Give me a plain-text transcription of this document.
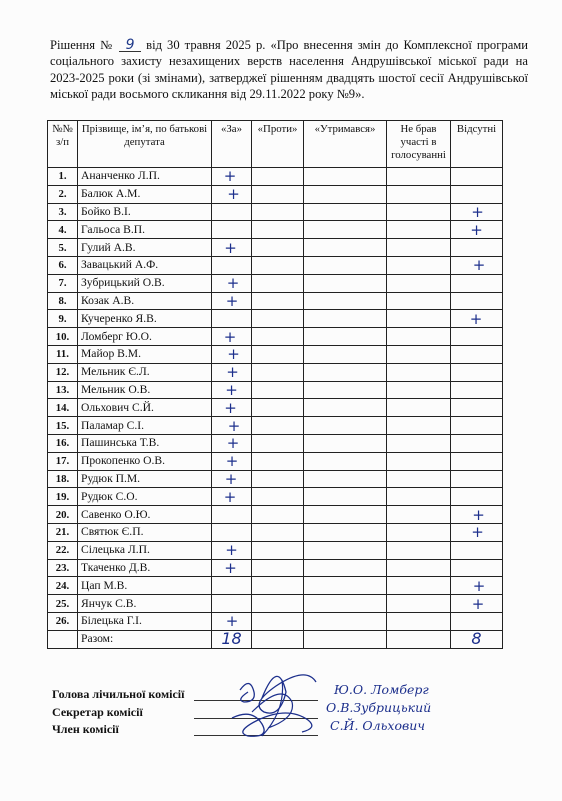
Рішення № 9 від 30 травня 2025 р. «Про внесення змін до Комплексної програми соціального захисту незахищених верств населення Андрушівської міської ради на 2023-2025 роки (зі змінами), затверджеї рішенням двадцять шостої сесії Андрушівської міської ради восьмого скликання від 29.11.2022 року №9».
№№ з/п	Прізвище, ім’я, по батькові депутата	«За»	«Проти»	«Утримався»	Не брав участі в голосуванні	Відсутні
1.	Ананченко Л.П.	+				
2.	Балюк А.М.	+				
3.	Бойко В.І.					+
4.	Гальоса В.П.					+
5.	Гулий А.В.	+				
6.	Завацький А.Ф.					+
7.	Зубрицький О.В.	+				
8.	Козак А.В.	+				
9.	Кучеренко Я.В.					+
10.	Ломберг Ю.О.	+				
11.	Майор В.М.	+				
12.	Мельник Є.Л.	+				
13.	Мельник О.В.	+				
14.	Ольхович С.Й.	+				
15.	Паламар С.І.	+				
16.	Пашинська Т.В.	+				
17.	Прокопенко О.В.	+				
18.	Рудюк П.М.	+				
19.	Рудюк С.О.	+				
20.	Савенко О.Ю.					+
21.	Святюк Є.П.					+
22.	Сілецька Л.П.	+				
23.	Ткаченко Д.В.	+				
24.	Цап М.В.					+
25.	Янчук С.В.					+
26.	Білецька Г.І.	+				
	Разом:	18				8
Голова лічильної комісії
Секретар комісії
Член комісії
Ю.О. Ломберг
О.В.Зубрицький
С.Й. Ольхович
